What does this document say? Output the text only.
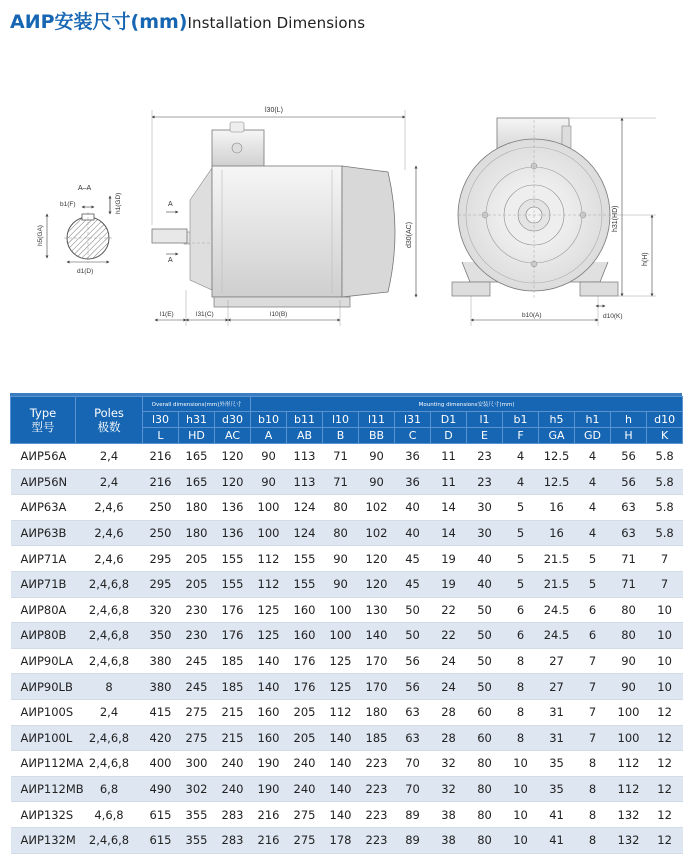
АИР安装尺寸(mm)Installation Dimensions
A–A
b1(F)	h1(GD)
h5(GA)
d1(D)
l30(L)
A
A
d30(AC)
l1(E)	l31(C)	l10(B)
h31(HD)
h(H)
b10(A)	d10(K)
Type
型号	Poles
极数	Overall dimensions(mm)外形尺寸			Mounting dimensions安装尺寸(mm)											
		l30	h31	d30	b10	b11	l10	l11	l31	D1	l1	b1	h5	h1	h	d10
		L	HD	AC	A	AB	B	BB	C	D	E	F	GA	GD	H	K
АИР56А	2,4	216	165	120	90	113	71	90	36	11	23	4	12.5	4	56	5.8
АИР56N	2,4	216	165	120	90	113	71	90	36	11	23	4	12.5	4	56	5.8
АИР63А	2,4,6	250	180	136	100	124	80	102	40	14	30	5	16	4	63	5.8
АИР63В	2,4,6	250	180	136	100	124	80	102	40	14	30	5	16	4	63	5.8
АИР71А	2,4,6	295	205	155	112	155	90	120	45	19	40	5	21.5	5	71	7
АИР71В	2,4,6,8	295	205	155	112	155	90	120	45	19	40	5	21.5	5	71	7
АИР80А	2,4,6,8	320	230	176	125	160	100	130	50	22	50	6	24.5	6	80	10
АИР80В	2,4,6,8	350	230	176	125	160	100	140	50	22	50	6	24.5	6	80	10
АИР90LA	2,4,6,8	380	245	185	140	176	125	170	56	24	50	8	27	7	90	10
АИР90LB	8	380	245	185	140	176	125	170	56	24	50	8	27	7	90	10
АИР100S	2,4	415	275	215	160	205	112	180	63	28	60	8	31	7	100	12
АИР100L	2,4,6,8	420	275	215	160	205	140	185	63	28	60	8	31	7	100	12
АИР112MA	2,4,6,8	400	300	240	190	240	140	223	70	32	80	10	35	8	112	12
АИР112MB	6,8	490	302	240	190	240	140	223	70	32	80	10	35	8	112	12
АИР132S	4,6,8	615	355	283	216	275	140	223	89	38	80	10	41	8	132	12
АИР132M	2,4,6,8	615	355	283	216	275	178	223	89	38	80	10	41	8	132	12
